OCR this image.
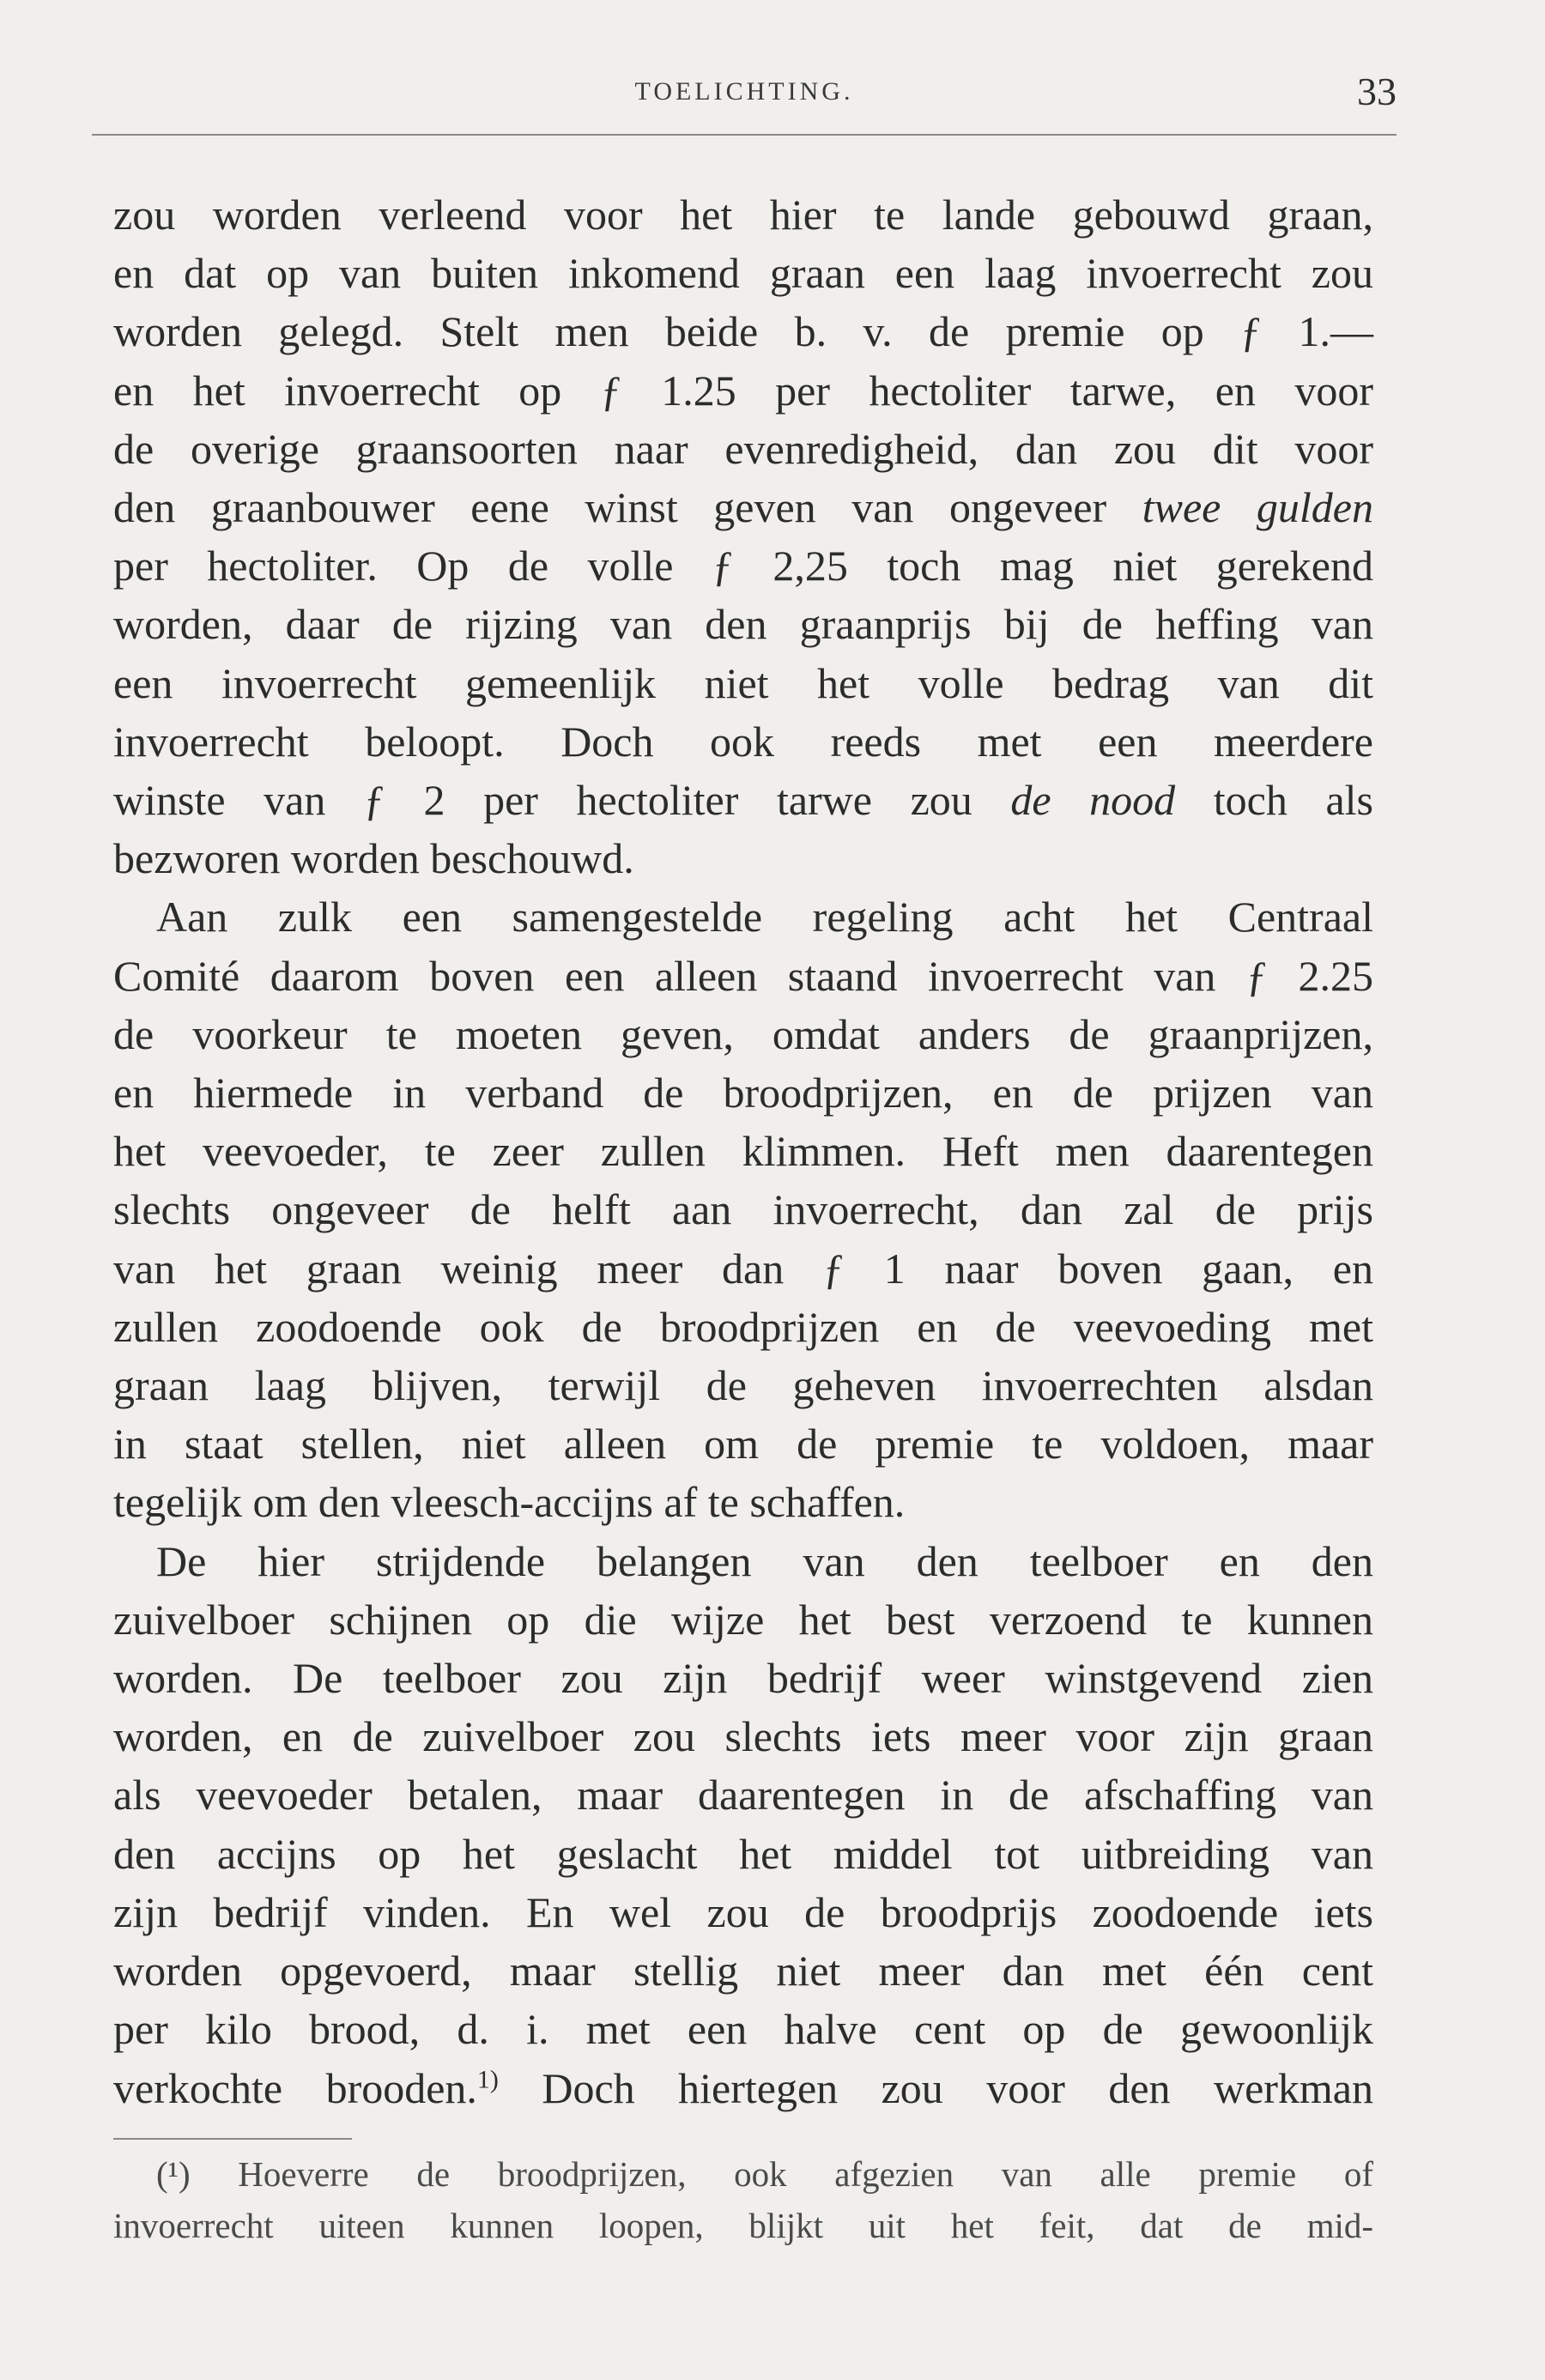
TOELICHTING.	33

zou worden verleend voor het hier te lande gebouwd graan,

en dat op van buiten inkomend graan een laag invoerrecht zou

worden gelegd. Stelt men beide b. v. de premie op ƒ 1.—

en het invoerrecht op ƒ 1.25 per hectoliter tarwe, en voor

de overige graansoorten naar evenredigheid, dan zou dit voor

den graanbouwer eene winst geven van ongeveer twee gulden

per hectoliter. Op de volle ƒ 2,25 toch mag niet gerekend

worden, daar de rijzing van den graanprijs bij de heffing van

een invoerrecht gemeenlijk niet het volle bedrag van dit

invoerrecht beloopt. Doch ook reeds met een meerdere

winste van ƒ 2 per hectoliter tarwe zou de nood toch als

bezworen worden beschouwd.

Aan zulk een samengestelde regeling acht het Centraal

Comité daarom boven een alleen staand invoerrecht van ƒ 2.25

de voorkeur te moeten geven, omdat anders de graanprijzen,

en hiermede in verband de broodprijzen, en de prijzen van

het veevoeder, te zeer zullen klimmen. Heft men daarentegen

slechts ongeveer de helft aan invoerrecht, dan zal de prijs

van het graan weinig meer dan ƒ 1 naar boven gaan, en

zullen zoodoende ook de broodprijzen en de veevoeding met

graan laag blijven, terwijl de geheven invoerrechten alsdan

in staat stellen, niet alleen om de premie te voldoen, maar

tegelijk om den vleesch-accijns af te schaffen.

De hier strijdende belangen van den teelboer en den

zuivelboer schijnen op die wijze het best verzoend te kunnen

worden. De teelboer zou zijn bedrijf weer winstgevend zien

worden, en de zuivelboer zou slechts iets meer voor zijn graan

als veevoeder betalen, maar daarentegen in de afschaffing van

den accijns op het geslacht het middel tot uitbreiding van

zijn bedrijf vinden. En wel zou de broodprijs zoodoende iets

worden opgevoerd, maar stellig niet meer dan met één cent

per kilo brood, d. i. met een halve cent op de gewoonlijk

verkochte brooden.$^{1)}$ Doch hiertegen zou voor den werkman

(¹) Hoeverre de broodprijzen, ook afgezien van alle premie of

invoerrecht uiteen kunnen loopen, blijkt uit het feit, dat de mid-
